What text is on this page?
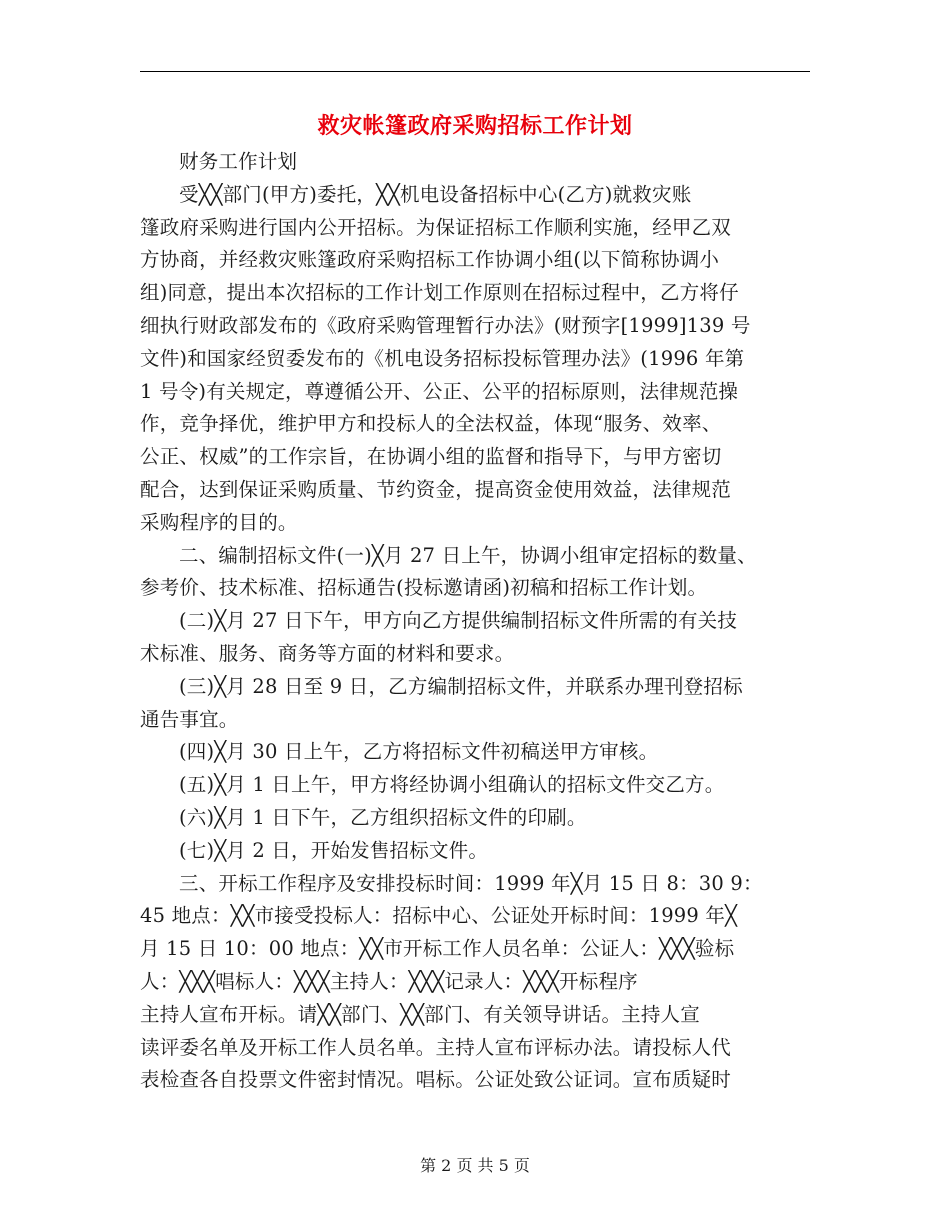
救灾帐篷政府采购招标工作计划

财务工作计划

受╳╳部门(甲方)委托，╳╳机电设备招标中心(乙方)就救灾账
篷政府采购进行国内公开招标。为保证招标工作顺利实施，经甲乙双
方协商，并经救灾账篷政府采购招标工作协调小组(以下简称协调小
组)同意，提出本次招标的工作计划工作原则在招标过程中，乙方将仔
细执行财政部发布的《政府采购管理暂行办法》(财预字[1999]139 号
文件)和国家经贸委发布的《机电设务招标投标管理办法》(1996 年第
1 号令)有关规定，尊遵循公开、公正、公平的招标原则，法律规范操
作，竞争择优，维护甲方和投标人的全法权益，体现“服务、效率、
公正、权威”的工作宗旨，在协调小组的监督和指导下，与甲方密切
配合，达到保证采购质量、节约资金，提高资金使用效益，法律规范
采购程序的目的。

二、编制招标文件(一)╳月 27 日上午，协调小组审定招标的数量、
参考价、技术标准、招标通告(投标邀请函)初稿和招标工作计划。

(二)╳月 27 日下午，甲方向乙方提供编制招标文件所需的有关技
术标准、服务、商务等方面的材料和要求。

(三)╳月 28 日至 9 日，乙方编制招标文件，并联系办理刊登招标
通告事宜。

(四)╳月 30 日上午，乙方将招标文件初稿送甲方审核。

(五)╳月 1 日上午，甲方将经协调小组确认的招标文件交乙方。

(六)╳月 1 日下午，乙方组织招标文件的印刷。

(七)╳月 2 日，开始发售招标文件。

三、开标工作程序及安排投标时间：1999 年╳月 15 日 8：30 9：
45 地点：╳╳市接受投标人：招标中心、公证处开标时间：1999 年╳
月 15 日 10：00 地点：╳╳市开标工作人员名单：公证人：╳╳╳验标
人：╳╳╳唱标人：╳╳╳主持人：╳╳╳记录人：╳╳╳开标程序
主持人宣布开标。请╳╳部门、╳╳部门、有关领导讲话。主持人宣
读评委名单及开标工作人员名单。主持人宣布评标办法。请投标人代
表检查各自投票文件密封情况。唱标。公证处致公证词。宣布质疑时

第 2 页 共 5 页
